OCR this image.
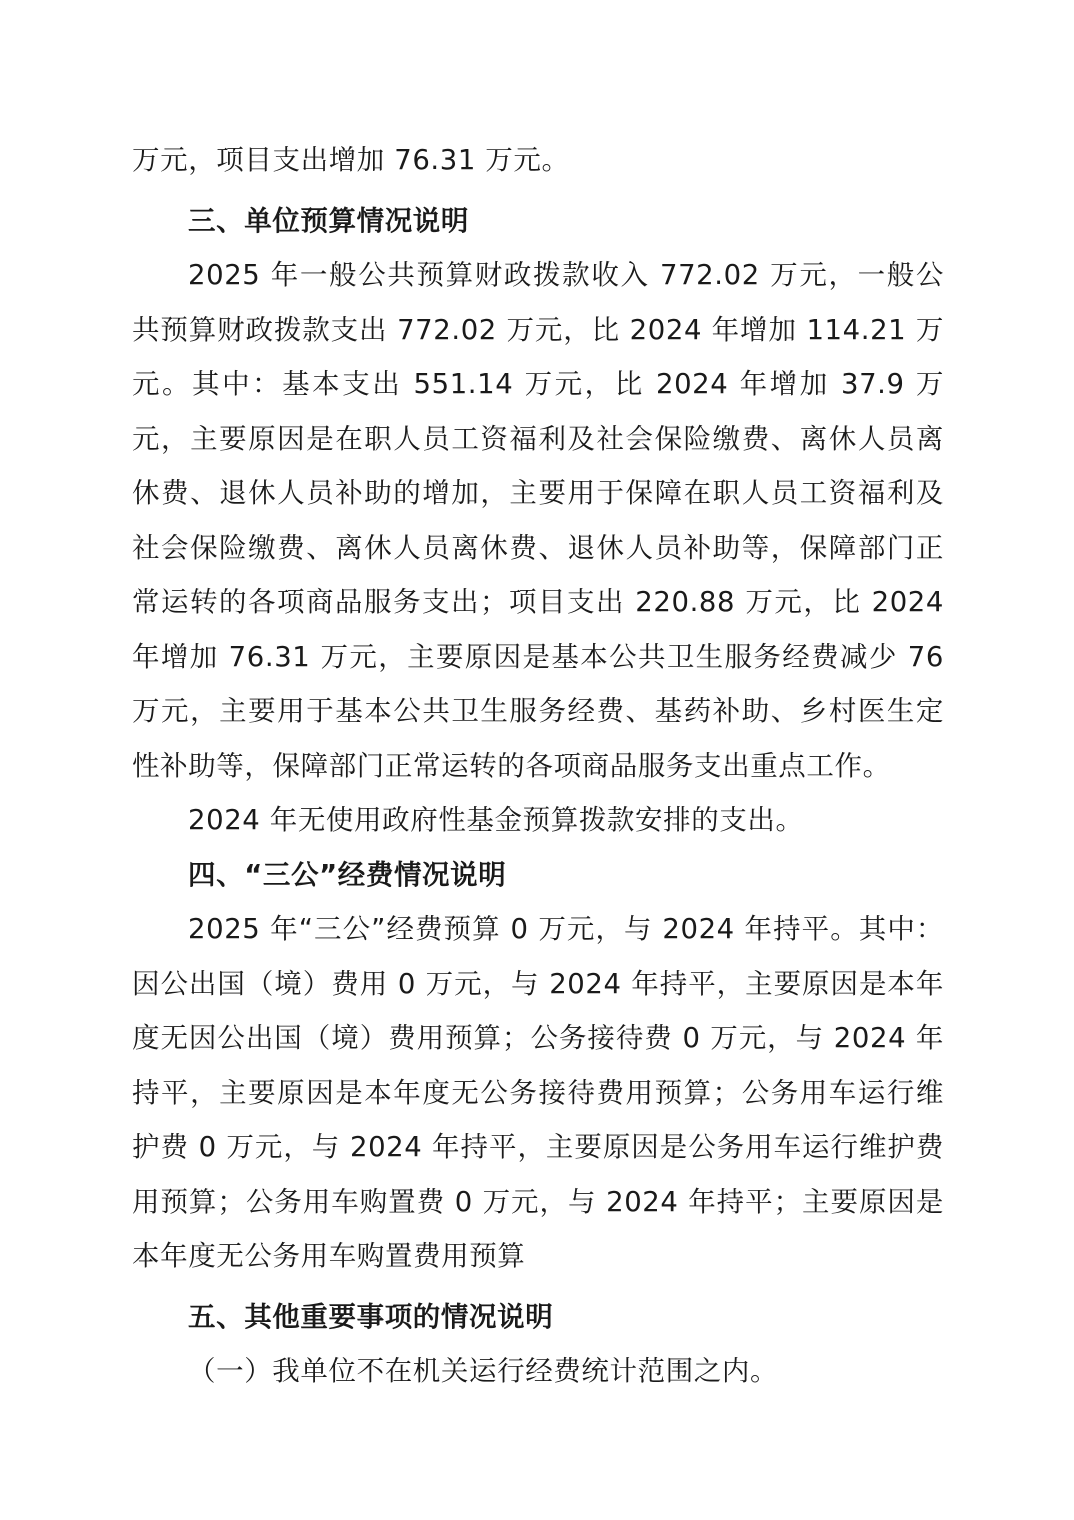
万元，项目支出增加 76.31 万元。

三、单位预算情况说明

2025 年一般公共预算财政拨款收入 772.02 万元，一般公共预算财政拨款支出 772.02 万元，比 2024 年增加 114.21 万元。其中：基本支出 551.14 万元，比 2024 年增加 37.9 万元，主要原因是在职人员工资福利及社会保险缴费、离休人员离休费、退休人员补助的增加，主要用于保障在职人员工资福利及社会保险缴费、离休人员离休费、退休人员补助等，保障部门正常运转的各项商品服务支出；项目支出 220.88 万元，比 2024 年增加 76.31 万元，主要原因是基本公共卫生服务经费减少 76 万元，主要用于基本公共卫生服务经费、基药补助、乡村医生定性补助等，保障部门正常运转的各项商品服务支出重点工作。

2024 年无使用政府性基金预算拨款安排的支出。

四、“三公”经费情况说明

2025 年“三公”经费预算 0 万元，与 2024 年持平。其中：因公出国（境）费用 0 万元，与 2024 年持平，主要原因是本年度无因公出国（境）费用预算；公务接待费 0 万元，与 2024 年持平，主要原因是本年度无公务接待费用预算；公务用车运行维护费 0 万元，与 2024 年持平，主要原因是公务用车运行维护费用预算；公务用车购置费 0 万元，与 2024 年持平；主要原因是本年度无公务用车购置费用预算

五、其他重要事项的情况说明

（一）我单位不在机关运行经费统计范围之内。
